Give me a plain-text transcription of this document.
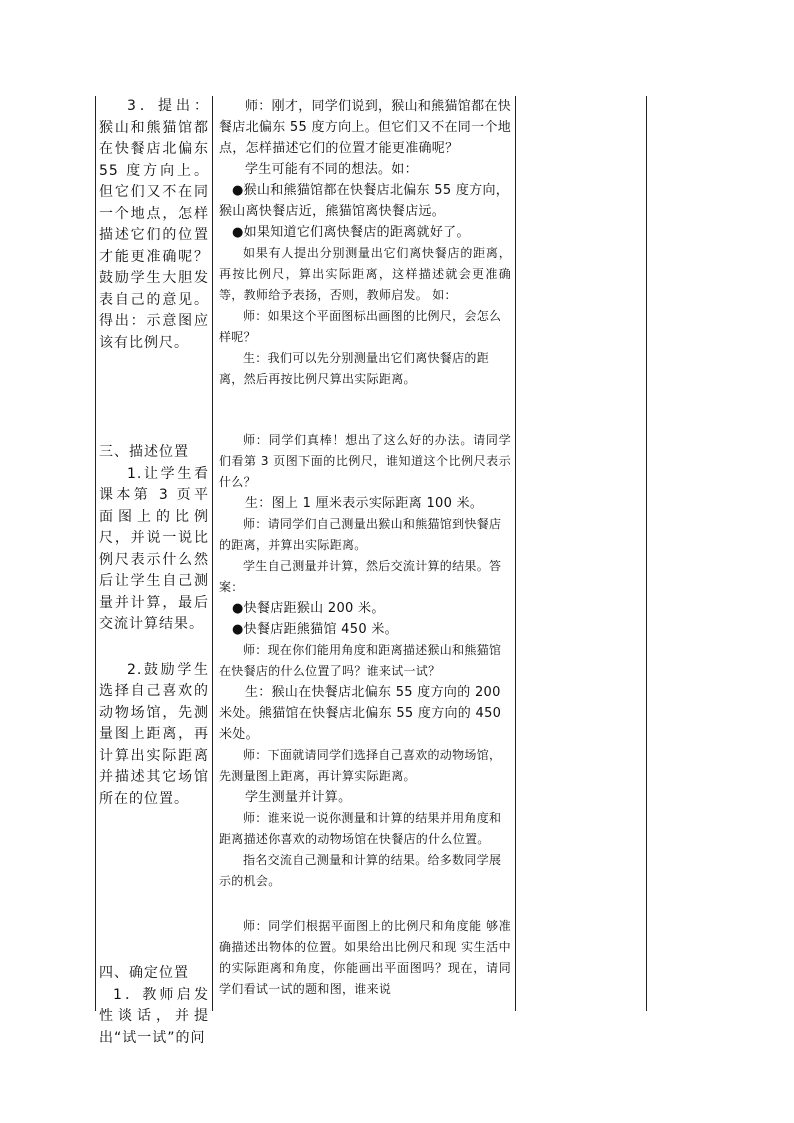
3．提出：猴山和熊猫馆都在快餐店北偏东 55 度方向上。但它们又不在同一个地点，怎样描述它们的位置才能更准确呢？鼓励学生大胆发表自己的意见。得出：示意图应该有比例尺。

三、描述位置

1.让学生看课本第 3 页平面图上的比例尺，并说一说比例尺表示什么然后让学生自己测量并计算，最后交流计算结果。

2.鼓励学生选择自己喜欢的动物场馆，先测量图上距离，再计算出实际距离并描述其它场馆所在的位置。

四、确定位置

1．教师启发性谈话，并提出“试一试”的问

师：刚才，同学们说到，猴山和熊猫馆都在快餐店北偏东 55 度方向上。但它们又不在同一个地点，怎样描述它们的位置才能更准确呢？

学生可能有不同的想法。如：

●猴山和熊猫馆都在快餐店北偏东 55 度方向，猴山离快餐店近，熊猫馆离快餐店远。

●如果知道它们离快餐店的距离就好了。

如果有人提出分别测量出它们离快餐店的距离，再按比例尺，算出实际距离，这样描述就会更准确等，教师给予表扬，否则，教师启发。 如：

师：如果这个平面图标出画图的比例尺，会怎么样呢？

生：我们可以先分别测量出它们离快餐店的距离，然后再按比例尺算出实际距离。

师：同学们真棒！想出了这么好的办法。请同学们看第 3 页图下面的比例尺，谁知道这个比例尺表示什么？

生：图上 1 厘米表示实际距离 100 米。

师：请同学们自己测量出猴山和熊猫馆到快餐店的距离，并算出实际距离。

学生自己测量并计算，然后交流计算的结果。答案：

●快餐店距猴山 200 米。

●快餐店距熊猫馆 450 米。

师：现在你们能用角度和距离描述猴山和熊猫馆在快餐店的什么位置了吗？谁来试一试？

生：猴山在快餐店北偏东 55 度方向的 200 米处。熊猫馆在快餐店北偏东 55 度方向的 450 米处。

师：下面就请同学们选择自己喜欢的动物场馆，先测量图上距离，再计算实际距离。

学生测量并计算。

师：谁来说一说你测量和计算的结果并用角度和距离描述你喜欢的动物场馆在快餐店的什么位置。

指名交流自己测量和计算的结果。给多数同学展示的机会。

师：同学们根据平面图上的比例尺和角度能 够准确描述出物体的位置。如果给出比例尺和现 实生活中的实际距离和角度，你能画出平面图吗？现在，请同学们看试一试的题和图，谁来说
